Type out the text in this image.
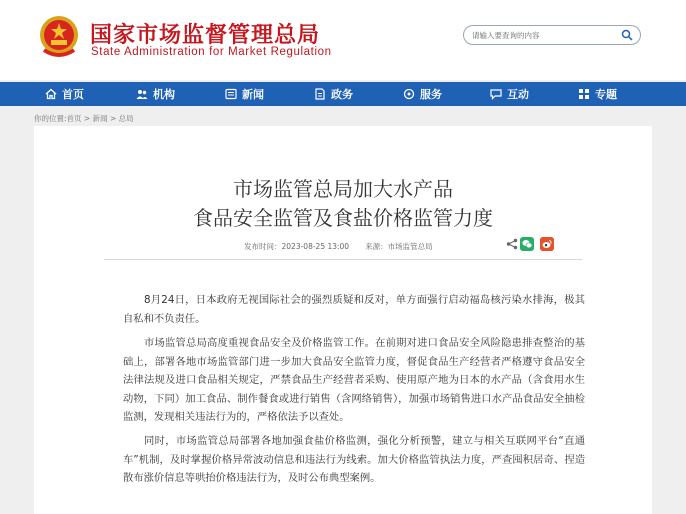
国家市场监督管理总局
State Administration for Market Regulation
请输入要查询的内容
首页	机构	新闻	政务	服务	互动	专题
你的位置:首页 > 新闻 > 总局
市场监管总局加大水产品
食品安全监管及食盐价格监管力度
发布时间：2023-08-25 13:00 来源：市场监管总局
8月24日，日本政府无视国际社会的强烈质疑和反对，单方面强行启动福岛核污染水排海，极其自私和不负责任。
市场监管总局高度重视食品安全及价格监管工作。在前期对进口食品安全风险隐患排查整治的基础上，部署各地市场监管部门进一步加大食品安全监管力度，督促食品生产经营者严格遵守食品安全法律法规及进口食品相关规定，严禁食品生产经营者采购、使用原产地为日本的水产品（含食用水生动物，下同）加工食品、制作餐食或进行销售（含网络销售），加强市场销售进口水产品食品安全抽检监测，发现相关违法行为的，严格依法予以查处。
同时，市场监管总局部署各地加强食盐价格监测，强化分析预警，建立与相关互联网平台“直通车”机制，及时掌握价格异常波动信息和违法行为线索。加大价格监管执法力度，严查囤积居奇、捏造散布涨价信息等哄抬价格违法行为，及时公布典型案例。
